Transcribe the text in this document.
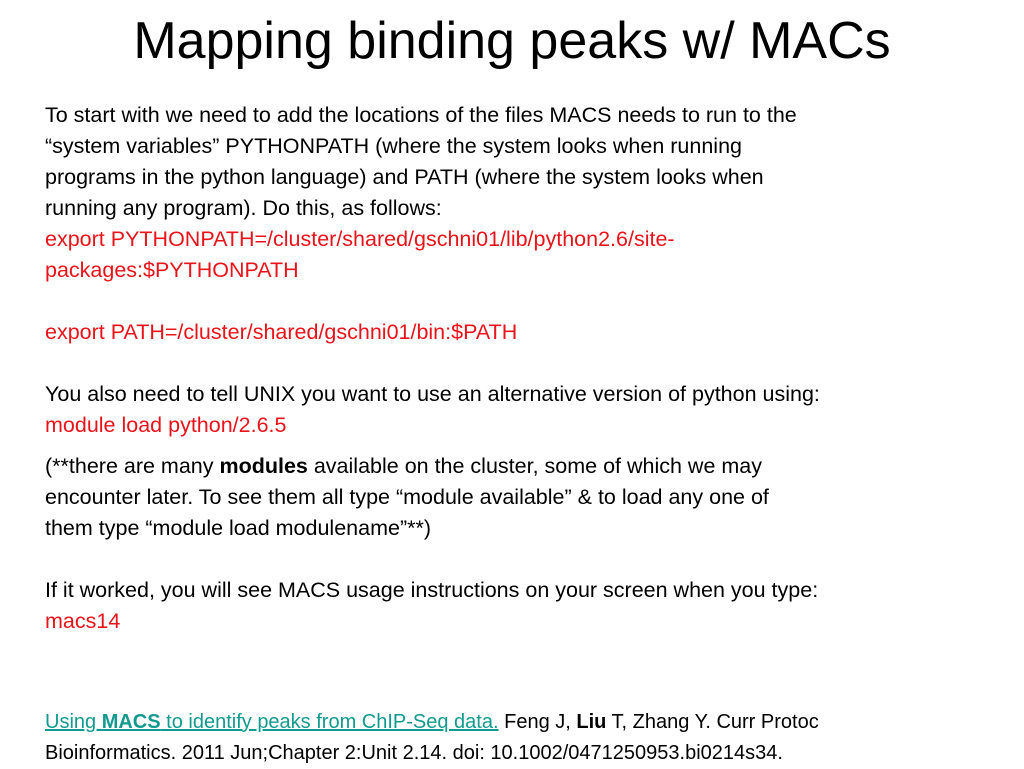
Mapping binding peaks w/ MACs

To start with we need to add the locations of the files MACS needs to run to the
“system variables” PYTHONPATH (where the system looks when running
programs in the python language) and PATH (where the system looks when
running any program). Do this, as follows:

export PYTHONPATH=/cluster/shared/gschni01/lib/python2.6/site-
packages:$PYTHONPATH

export PATH=/cluster/shared/gschni01/bin:$PATH

You also need to tell UNIX you want to use an alternative version of python using:

module load python/2.6.5

(**there are many modules available on the cluster, some of which we may
encounter later. To see them all type “module available” & to load any one of
them type “module load modulename”**)

If it worked, you will see MACS usage instructions on your screen when you type:

macs14

Using MACS to identify peaks from ChIP-Seq data. Feng J, Liu T, Zhang Y. Curr Protoc
Bioinformatics. 2011 Jun;Chapter 2:Unit 2.14. doi: 10.1002/0471250953.bi0214s34.
